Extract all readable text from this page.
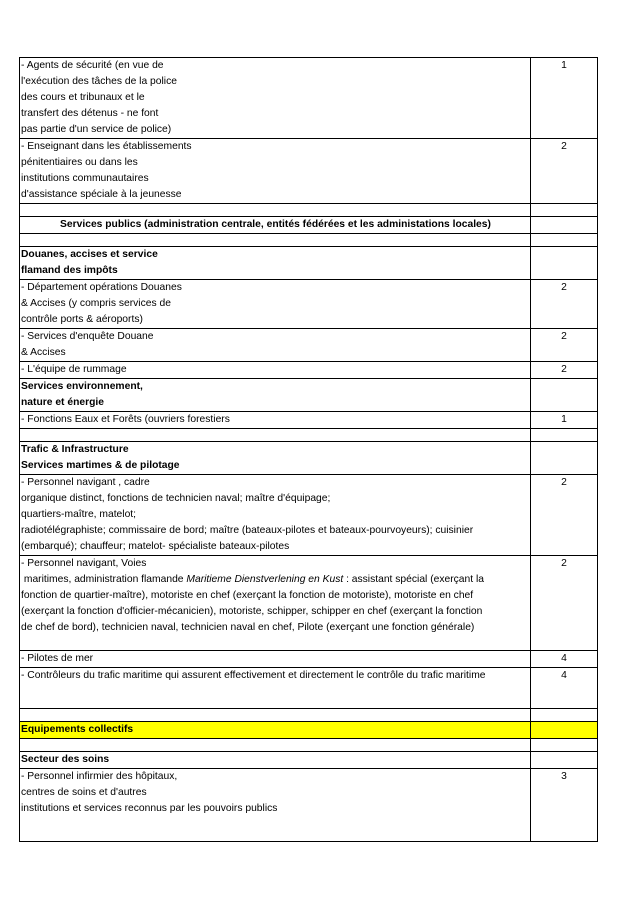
- Agents de sécurité (en vue de
l'exécution des tâches de la police
des cours et tribunaux et le
transfert des détenus - ne font
pas partie d'un service de police)	1

- Enseignant dans les établissements
pénitentiaires ou dans les
institutions communautaires
d'assistance spéciale à la jeunesse	2

Services publics (administration centrale, entités fédérées et les administations locales)	

Douanes, accises et service
flamand des impôts	

- Département opérations Douanes
& Accises (y compris services de
contrôle ports & aéroports)	2

- Services d'enquête Douane
& Accises	2

- L'équipe de rummage	2

Services environnement,
nature et énergie	

- Fonctions Eaux et Forêts (ouvriers forestiers	1

Trafic & Infrastructure
Services martimes & de pilotage	

- Personnel navigant , cadre
organique distinct, fonctions de technicien naval; maître d'équipage;
quartiers-maître, matelot;
radiotélégraphiste; commissaire de bord; maître (bateaux-pilotes et bateaux-pourvoyeurs); cuisinier
(embarqué); chauffeur; matelot- spécialiste bateaux-pilotes	2

- Personnel navigant, Voies
maritimes, administration flamande Maritieme Dienstverlening en Kust : assistant spécial (exerçant la
fonction de quartier-maître), motoriste en chef (exerçant la fonction de motoriste), motoriste en chef
(exerçant la fonction d'officier-mécanicien), motoriste, schipper, schipper en chef (exerçant la fonction
de chef de bord), technicien naval, technicien naval en chef, Pilote (exerçant une fonction générale)	2

- Pilotes de mer	4

- Contrôleurs du trafic maritime qui assurent effectivement et directement le contrôle du trafic maritime	4

Equipements collectifs	

Secteur des soins	

- Personnel infirmier des hôpitaux,
centres de soins et d'autres
institutions et services reconnus par les pouvoirs publics	3
